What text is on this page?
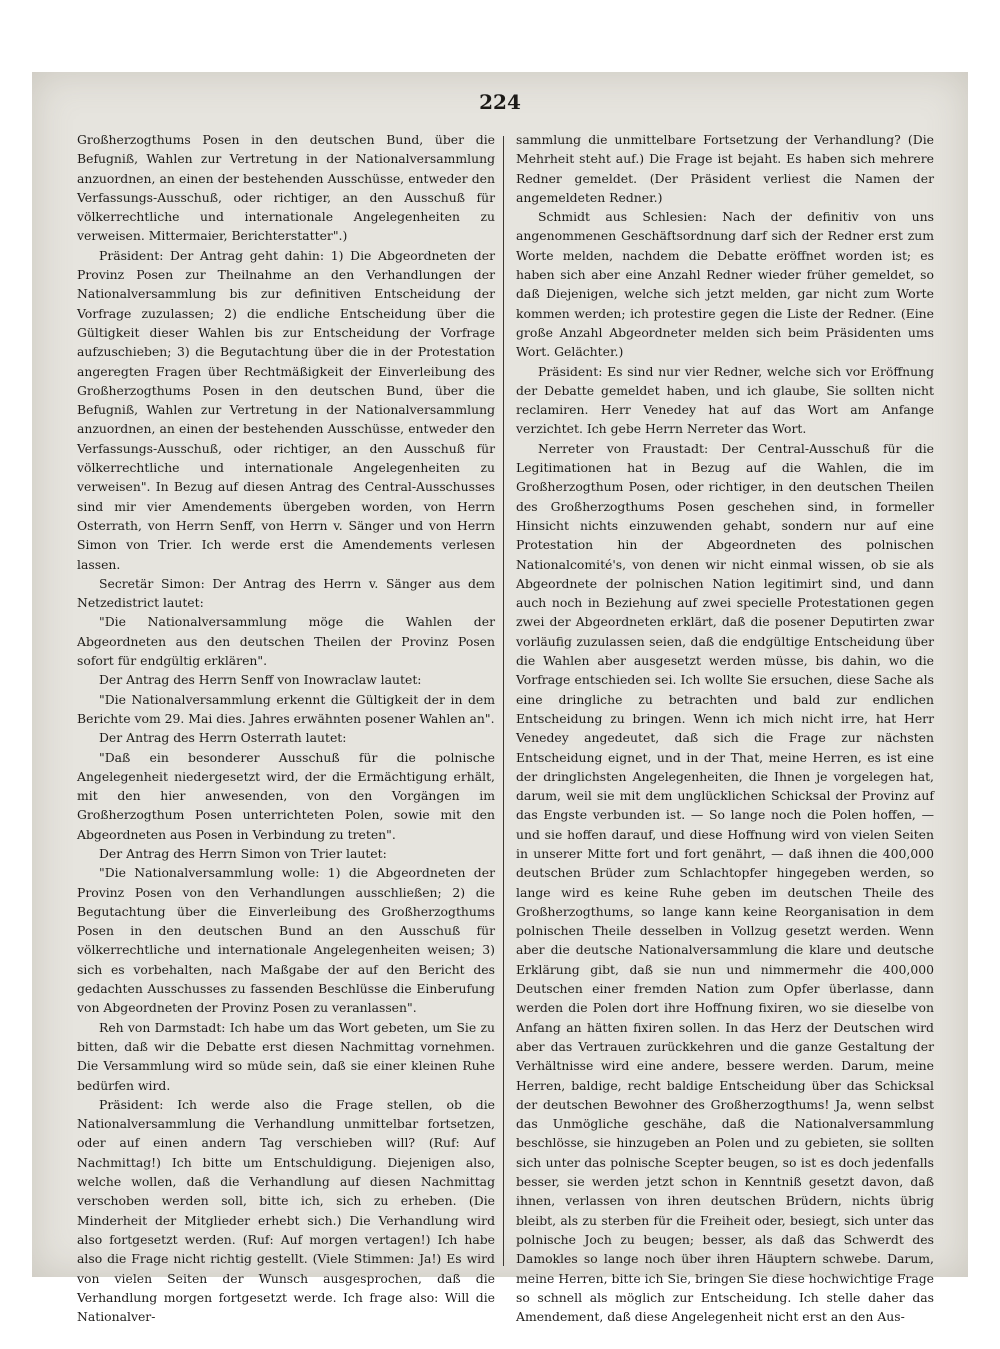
224

Großherzogthums Posen in den deutschen Bund, über die Befugniß, Wahlen zur Vertretung in der Nationalversammlung anzuordnen, an einen der bestehenden Ausschüsse, entweder den Verfassungs-Ausschuß, oder richtiger, an den Ausschuß für völkerrechtliche und internationale Angelegenheiten zu verweisen. Mittermaier, Berichterstatter".)

Präsident: Der Antrag geht dahin: 1) Die Abgeordneten der Provinz Posen zur Theilnahme an den Verhandlungen der Nationalversammlung bis zur definitiven Entscheidung der Vorfrage zuzulassen; 2) die endliche Entscheidung über die Gültigkeit dieser Wahlen bis zur Entscheidung der Vorfrage aufzuschieben; 3) die Begutachtung über die in der Protestation angeregten Fragen über Rechtmäßigkeit der Einverleibung des Großherzogthums Posen in den deutschen Bund, über die Befugniß, Wahlen zur Vertretung in der Nationalversammlung anzuordnen, an einen der bestehenden Ausschüsse, entweder den Verfassungs-Ausschuß, oder richtiger, an den Ausschuß für völkerrechtliche und internationale Angelegenheiten zu verweisen". In Bezug auf diesen Antrag des Central-Ausschusses sind mir vier Amendements übergeben worden, von Herrn Osterrath, von Herrn Senff, von Herrn v. Sänger und von Herrn Simon von Trier. Ich werde erst die Amendements verlesen lassen.

Secretär Simon: Der Antrag des Herrn v. Sänger aus dem Netzedistrict lautet:

"Die Nationalversammlung möge die Wahlen der Abgeordneten aus den deutschen Theilen der Provinz Posen sofort für endgültig erklären".

Der Antrag des Herrn Senff von Inowraclaw lautet:

"Die Nationalversammlung erkennt die Gültigkeit der in dem Berichte vom 29. Mai dies. Jahres erwähnten posener Wahlen an".

Der Antrag des Herrn Osterrath lautet:

"Daß ein besonderer Ausschuß für die polnische Angelegenheit niedergesetzt wird, der die Ermächtigung erhält, mit den hier anwesenden, von den Vorgängen im Großherzogthum Posen unterrichteten Polen, sowie mit den Abgeordneten aus Posen in Verbindung zu treten".

Der Antrag des Herrn Simon von Trier lautet:

"Die Nationalversammlung wolle: 1) die Abgeordneten der Provinz Posen von den Verhandlungen ausschließen; 2) die Begutachtung über die Einverleibung des Großherzogthums Posen in den deutschen Bund an den Ausschuß für völkerrechtliche und internationale Angelegenheiten weisen; 3) sich es vorbehalten, nach Maßgabe der auf den Bericht des gedachten Ausschusses zu fassenden Beschlüsse die Einberufung von Abgeordneten der Provinz Posen zu veranlassen".

Reh von Darmstadt: Ich habe um das Wort gebeten, um Sie zu bitten, daß wir die Debatte erst diesen Nachmittag vornehmen. Die Versammlung wird so müde sein, daß sie einer kleinen Ruhe bedürfen wird.

Präsident: Ich werde also die Frage stellen, ob die Nationalversammlung die Verhandlung unmittelbar fortsetzen, oder auf einen andern Tag verschieben will? (Ruf: Auf Nachmittag!) Ich bitte um Entschuldigung. Diejenigen also, welche wollen, daß die Verhandlung auf diesen Nachmittag verschoben werden soll, bitte ich, sich zu erheben. (Die Minderheit der Mitglieder erhebt sich.) Die Verhandlung wird also fortgesetzt werden. (Ruf: Auf morgen vertagen!) Ich habe also die Frage nicht richtig gestellt. (Viele Stimmen: Ja!) Es wird von vielen Seiten der Wunsch ausgesprochen, daß die Verhandlung morgen fortgesetzt werde. Ich frage also: Will die Nationalver-

sammlung die unmittelbare Fortsetzung der Verhandlung? (Die Mehrheit steht auf.) Die Frage ist bejaht. Es haben sich mehrere Redner gemeldet. (Der Präsident verliest die Namen der angemeldeten Redner.)

Schmidt aus Schlesien: Nach der definitiv von uns angenommenen Geschäftsordnung darf sich der Redner erst zum Worte melden, nachdem die Debatte eröffnet worden ist; es haben sich aber eine Anzahl Redner wieder früher gemeldet, so daß Diejenigen, welche sich jetzt melden, gar nicht zum Worte kommen werden; ich protestire gegen die Liste der Redner. (Eine große Anzahl Abgeordneter melden sich beim Präsidenten ums Wort. Gelächter.)

Präsident: Es sind nur vier Redner, welche sich vor Eröffnung der Debatte gemeldet haben, und ich glaube, Sie sollten nicht reclamiren. Herr Venedey hat auf das Wort am Anfange verzichtet. Ich gebe Herrn Nerreter das Wort.

Nerreter von Fraustadt: Der Central-Ausschuß für die Legitimationen hat in Bezug auf die Wahlen, die im Großherzogthum Posen, oder richtiger, in den deutschen Theilen des Großherzogthums Posen geschehen sind, in formeller Hinsicht nichts einzuwenden gehabt, sondern nur auf eine Protestation hin der Abgeordneten des polnischen Nationalcomité's, von denen wir nicht einmal wissen, ob sie als Abgeordnete der polnischen Nation legitimirt sind, und dann auch noch in Beziehung auf zwei specielle Protestationen gegen zwei der Abgeordneten erklärt, daß die posener Deputirten zwar vorläufig zuzulassen seien, daß die endgültige Entscheidung über die Wahlen aber ausgesetzt werden müsse, bis dahin, wo die Vorfrage entschieden sei. Ich wollte Sie ersuchen, diese Sache als eine dringliche zu betrachten und bald zur endlichen Entscheidung zu bringen. Wenn ich mich nicht irre, hat Herr Venedey angedeutet, daß sich die Frage zur nächsten Entscheidung eignet, und in der That, meine Herren, es ist eine der dringlichsten Angelegenheiten, die Ihnen je vorgelegen hat, darum, weil sie mit dem unglücklichen Schicksal der Provinz auf das Engste verbunden ist. — So lange noch die Polen hoffen, — und sie hoffen darauf, und diese Hoffnung wird von vielen Seiten in unserer Mitte fort und fort genährt, — daß ihnen die 400,000 deutschen Brüder zum Schlachtopfer hingegeben werden, so lange wird es keine Ruhe geben im deutschen Theile des Großherzogthums, so lange kann keine Reorganisation in dem polnischen Theile desselben in Vollzug gesetzt werden. Wenn aber die deutsche Nationalversammlung die klare und deutsche Erklärung gibt, daß sie nun und nimmermehr die 400,000 Deutschen einer fremden Nation zum Opfer überlasse, dann werden die Polen dort ihre Hoffnung fixiren, wo sie dieselbe von Anfang an hätten fixiren sollen. In das Herz der Deutschen wird aber das Vertrauen zurückkehren und die ganze Gestaltung der Verhältnisse wird eine andere, bessere werden. Darum, meine Herren, baldige, recht baldige Entscheidung über das Schicksal der deutschen Bewohner des Großherzogthums! Ja, wenn selbst das Unmögliche geschähe, daß die Nationalversammlung beschlösse, sie hinzugeben an Polen und zu gebieten, sie sollten sich unter das polnische Scepter beugen, so ist es doch jedenfalls besser, sie werden jetzt schon in Kenntniß gesetzt davon, daß ihnen, verlassen von ihren deutschen Brüdern, nichts übrig bleibt, als zu sterben für die Freiheit oder, besiegt, sich unter das polnische Joch zu beugen; besser, als daß das Schwerdt des Damokles so lange noch über ihren Häuptern schwebe. Darum, meine Herren, bitte ich Sie, bringen Sie diese hochwichtige Frage so schnell als möglich zur Entscheidung. Ich stelle daher das Amendement, daß diese Angelegenheit nicht erst an den Aus-
